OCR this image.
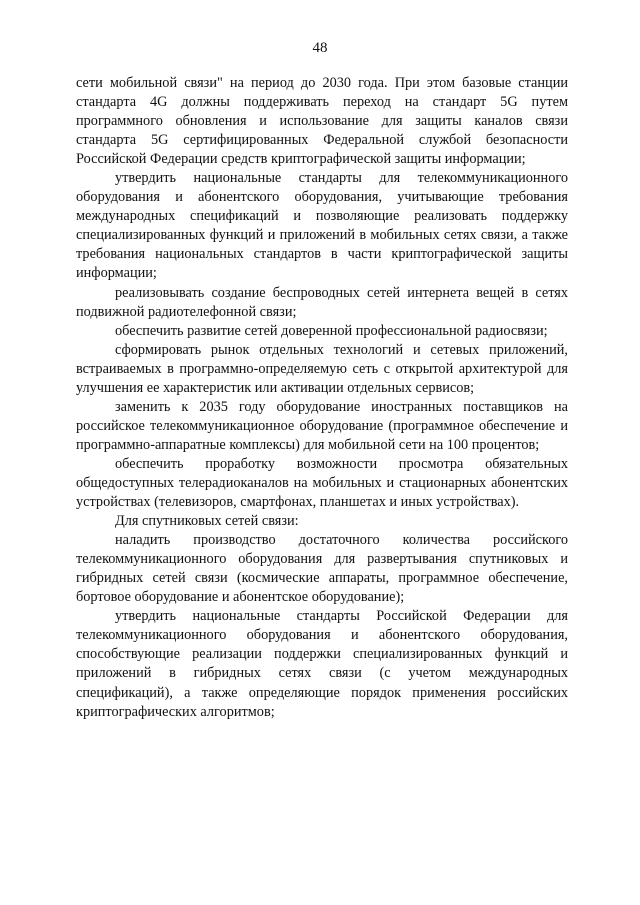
48

сети мобильной связи" на период до 2030 года. При этом базовые станции стандарта 4G должны поддерживать переход на стандарт 5G путем программного обновления и использование для защиты каналов связи стандарта 5G сертифицированных Федеральной службой безопасности Российской Федерации средств криптографической защиты информации;

утвердить национальные стандарты для телекоммуникационного оборудования и абонентского оборудования, учитывающие требования международных спецификаций и позволяющие реализовать поддержку специализированных функций и приложений в мобильных сетях связи, а также требования национальных стандартов в части криптографической защиты информации;

реализовывать создание беспроводных сетей интернета вещей в сетях подвижной радиотелефонной связи;

обеспечить развитие сетей доверенной профессиональной радиосвязи;

сформировать рынок отдельных технологий и сетевых приложений, встраиваемых в программно-определяемую сеть с открытой архитектурой для улучшения ее характеристик или активации отдельных сервисов;

заменить к 2035 году оборудование иностранных поставщиков на российское телекоммуникационное оборудование (программное обеспечение и программно-аппаратные комплексы) для мобильной сети на 100 процентов;

обеспечить проработку возможности просмотра обязательных общедоступных телерадиоканалов на мобильных и стационарных абонентских устройствах (телевизоров, смартфонах, планшетах и иных устройствах).

Для спутниковых сетей связи:

наладить производство достаточного количества российского телекоммуникационного оборудования для развертывания спутниковых и гибридных сетей связи (космические аппараты, программное обеспечение, бортовое оборудование и абонентское оборудование);

утвердить национальные стандарты Российской Федерации для телекоммуникационного оборудования и абонентского оборудования, способствующие реализации поддержки специализированных функций и приложений в гибридных сетях связи (с учетом международных спецификаций), а также определяющие порядок применения российских криптографических алгоритмов;
